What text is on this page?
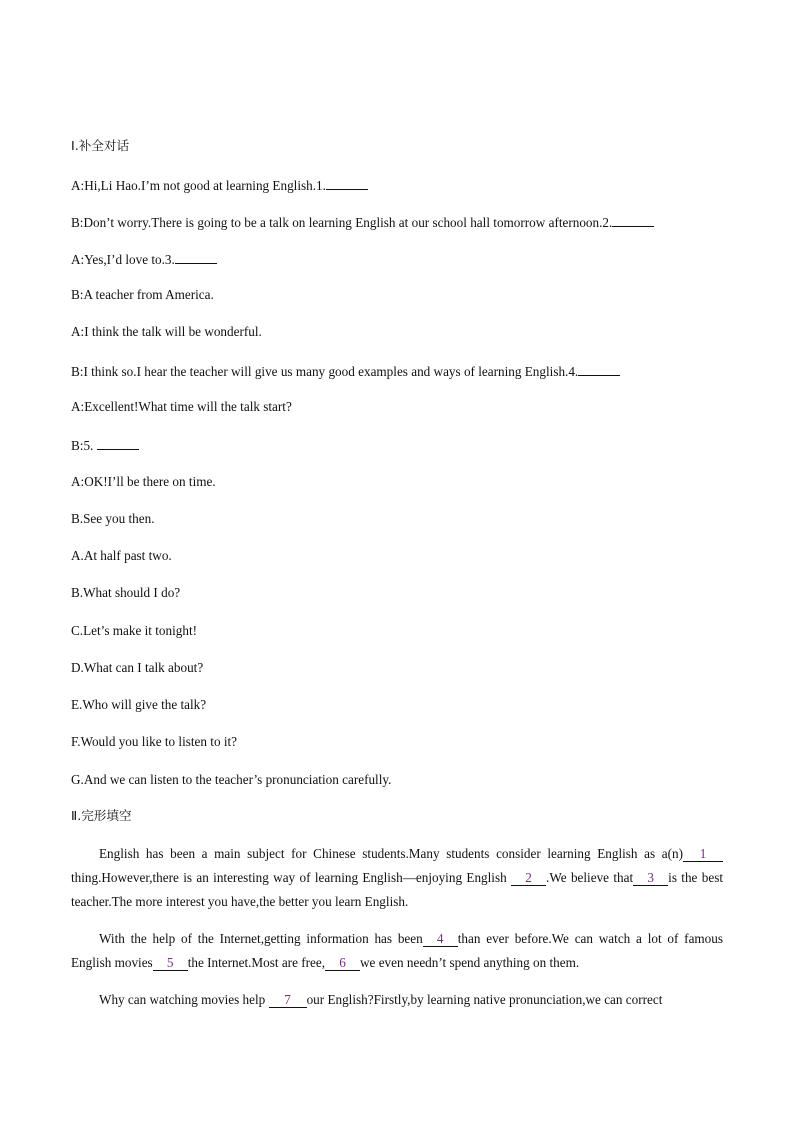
Ⅰ.补全对话
A:Hi,Li Hao.I’m not good at learning English.1.
B:Don’t worry.There is going to be a talk on learning English at our school hall tomorrow afternoon.2.
A:Yes,I’d love to.3.
B:A teacher from America.
A:I think the talk will be wonderful.
B:I think so.I hear the teacher will give us many good examples and ways of learning English.4.
A:Excellent!What time will the talk start?
B:5.
A:OK!I’ll be there on time.
B.See you then.
A.At half past two.
B.What should I do?
C.Let’s make it tonight!
D.What can I talk about?
E.Who will give the talk?
F.Would you like to listen to it?
G.And we can listen to the teacher’s pronunciation carefully.
Ⅱ.完形填空
English has been a main subject for Chinese students.Many students consider learning English as a(n) 1 thing.However,there is an interesting way of learning English—enjoying English 2 .We believe that 3 is the best teacher.The more interest you have,the better you learn English.
With the help of the Internet,getting information has been 4 than ever before.We can watch a lot of famous English movies 5 the Internet.Most are free, 6 we even needn’t spend anything on them.
Why can watching movies help 7 our English?Firstly,by learning native pronunciation,we can correct
